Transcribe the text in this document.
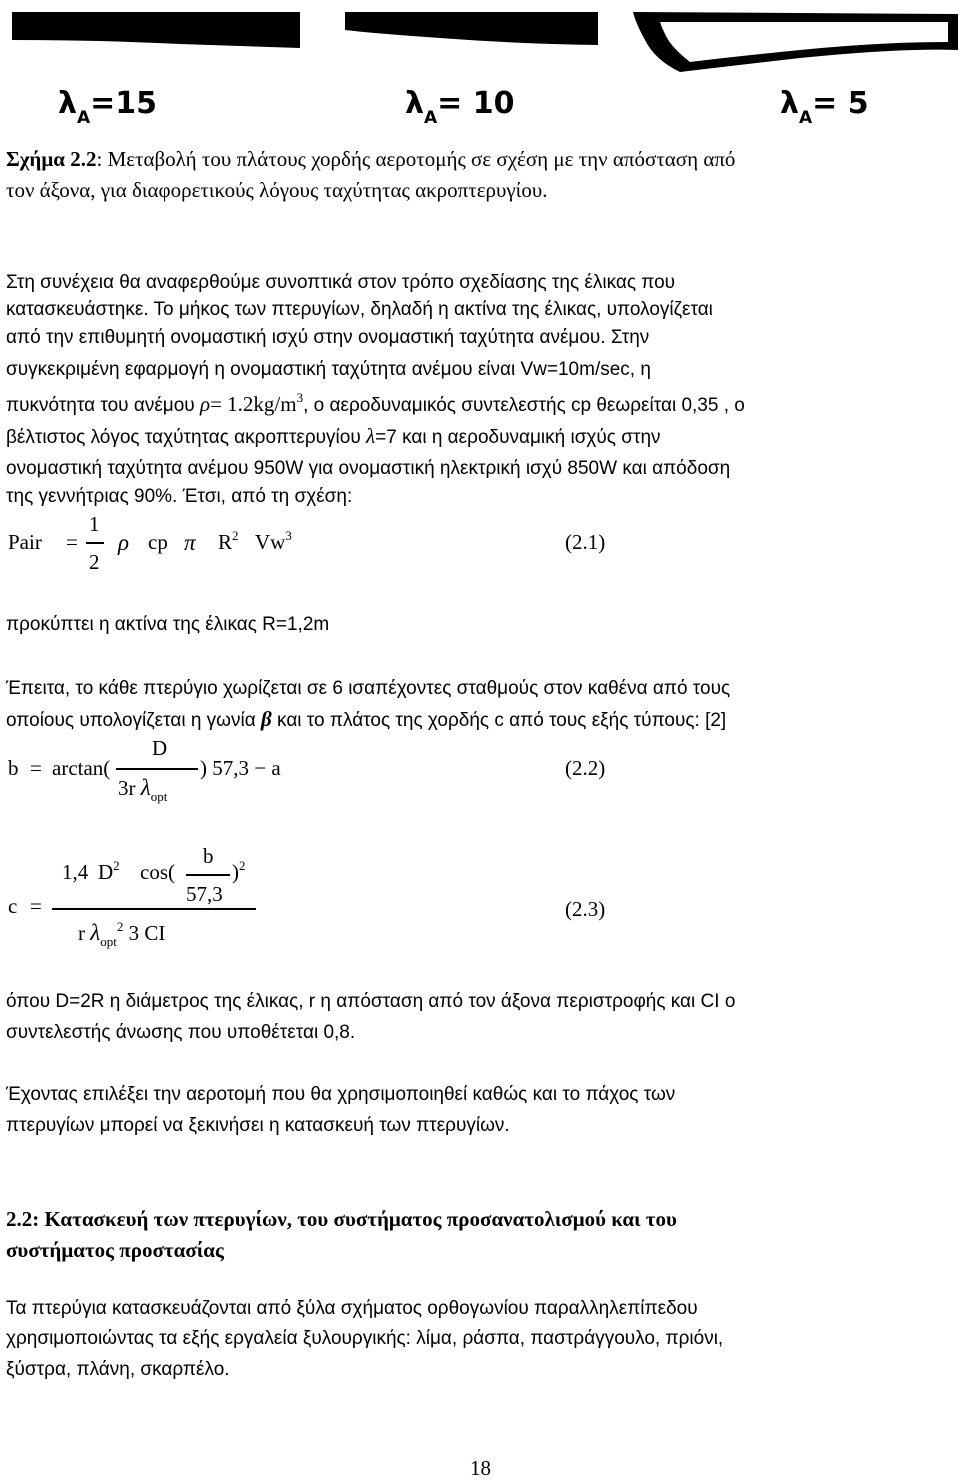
$\lambda_A=15$	$\lambda_A= 10$	$\lambda_A= 5$
Σχήμα 2.2: Μεταβολή του πλάτους χορδής αεροτομής σε σχέση με την απόσταση από
τον άξονα, για διαφορετικούς λόγους ταχύτητας ακροπτερυγίου.
Στη συνέχεια θα αναφερθούμε συνοπτικά στον τρόπο σχεδίασης της έλικας που
κατασκευάστηκε. Το μήκος των πτερυγίων, δηλαδή η ακτίνα της έλικας, υπολογίζεται
από την επιθυμητή ονομαστική ισχύ στην ονομαστική ταχύτητα ανέμου. Στην
συγκεκριμένη εφαρμογή η ονομαστική ταχύτητα ανέμου είναι Vw=10m/sec, η
πυκνότητα του ανέμου $\rho= 1.2kg/m^3$, ο αεροδυναμικός συντελεστής cp θεωρείται 0,35 , ο
βέλτιστος λόγος ταχύτητας ακροπτερυγίου λ=7 και η αεροδυναμική ισχύς στην
ονομαστική ταχύτητα ανέμου 950W για ονομαστική ηλεκτρική ισχύ 850W και απόδοση
της γεννήτριας 90%. Έτσι, από τη σχέση:
Pair =
1
2
ρ cp π $R^2$ Vw$^3$	(2.1)
προκύπτει η ακτίνα της έλικας R=1,2m
Έπειτα, το κάθε πτερύγιο χωρίζεται σε 6 ισαπέχοντες σταθμούς στον καθένα από τους
οποίους υπολογίζεται η γωνία β και το πλάτος της χορδής c από τους εξής τύπους: [2]
b = arctan(
D
3r $\lambda_{opt}$
) 57,3 − a	(2.2)
c =
1,4 $D^2$ cos(
b
57,3
)$^2$
r $\lambda_{opt}^2$ 3 CI
(2.3)
όπου D=2R η διάμετρος της έλικας, r η απόσταση από τον άξονα περιστροφής και CI ο
συντελεστής άνωσης που υποθέτεται 0,8.
Έχοντας επιλέξει την αεροτομή που θα χρησιμοποιηθεί καθώς και το πάχος των
πτερυγίων μπορεί να ξεκινήσει η κατασκευή των πτερυγίων.
2.2: Κατασκευή των πτερυγίων, του συστήματος προσανατολισμού και του
συστήματος προστασίας
Τα πτερύγια κατασκευάζονται από ξύλα σχήματος ορθογωνίου παραλληλεπίπεδου
χρησιμοποιώντας τα εξής εργαλεία ξυλουργικής: λίμα, ράσπα, παστράγγουλο, πριόνι,
ξύστρα, πλάνη, σκαρπέλο.
18
